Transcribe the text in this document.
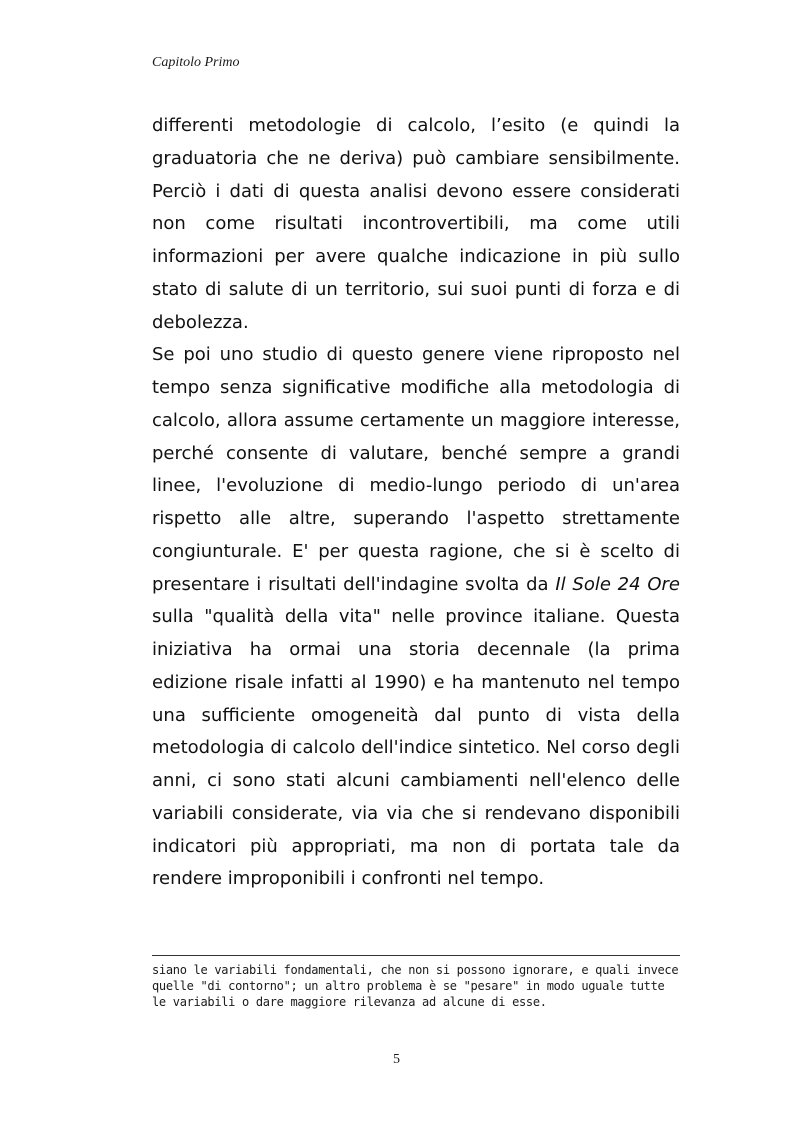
Capitolo Primo

differenti metodologie di calcolo, l’esito (e quindi la graduatoria che ne deriva) può cambiare sensibilmente. Perciò i dati di questa analisi devono essere considerati non come risultati incontrovertibili, ma come utili informazioni per avere qualche indicazione in più sullo stato di salute di un territorio, sui suoi punti di forza e di debolezza.

Se poi uno studio di questo genere viene riproposto nel tempo senza significative modifiche alla metodologia di calcolo, allora assume certamente un maggiore interesse, perché consente di valutare, benché sempre a grandi linee, l'evoluzione di medio-lungo periodo di un'area rispetto alle altre, superando l'aspetto strettamente congiunturale. E' per questa ragione, che si è scelto di presentare i risultati dell'indagine svolta da Il Sole 24 Ore sulla "qualità della vita" nelle province italiane. Questa iniziativa ha ormai una storia decennale (la prima edizione risale infatti al 1990) e ha mantenuto nel tempo una sufficiente omogeneità dal punto di vista della metodologia di calcolo dell'indice sintetico. Nel corso degli anni, ci sono stati alcuni cambiamenti nell'elenco delle variabili considerate, via via che si rendevano disponibili indicatori più appropriati, ma non di portata tale da rendere improponibili i confronti nel tempo.

siano le variabili fondamentali, che non si possono ignorare, e quali invece quelle "di contorno"; un altro problema è se "pesare" in modo uguale tutte le variabili o dare maggiore rilevanza ad alcune di esse.

5
